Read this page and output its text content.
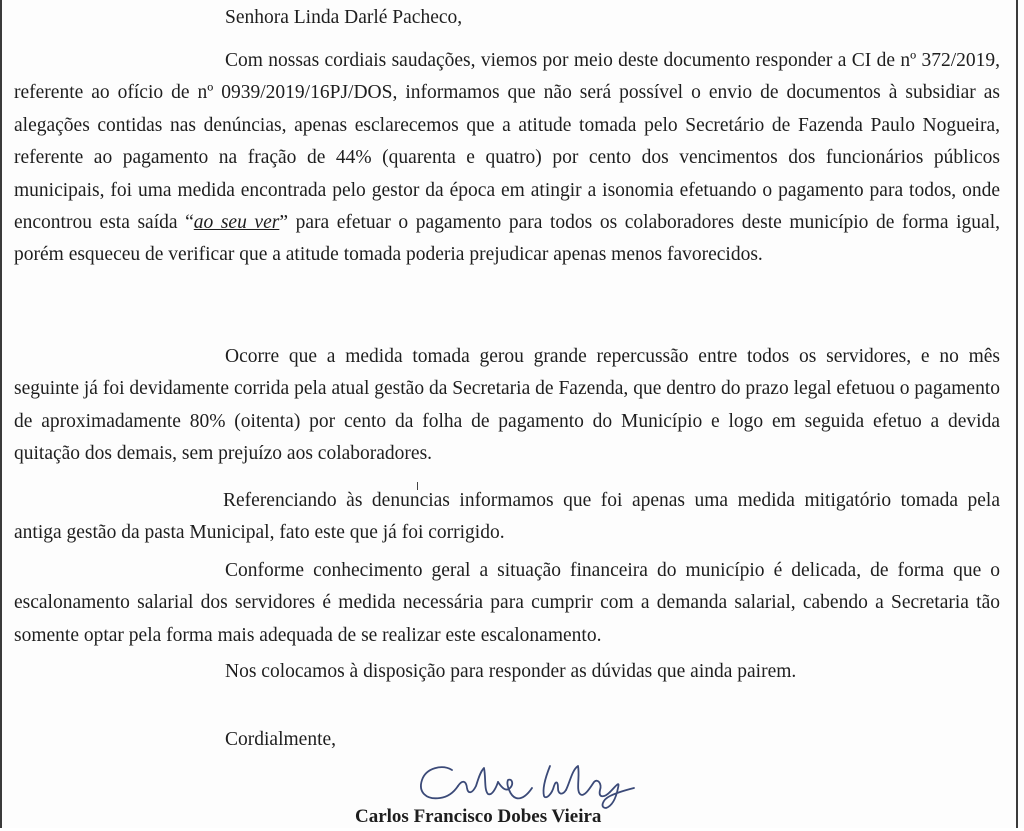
Senhora Linda Darlé Pacheco,

Com nossas cordiais saudações, viemos por meio deste documento responder a CI de nº 372/2019, referente ao ofício de nº 0939/2019/16PJ/DOS, informamos que não será possível o envio de documentos à subsidiar as alegações contidas nas denúncias, apenas esclarecemos que a atitude tomada pelo Secretário de Fazenda Paulo Nogueira, referente ao pagamento na fração de 44% (quarenta e quatro) por cento dos vencimentos dos funcionários públicos municipais, foi uma medida encontrada pelo gestor da época em atingir a isonomia efetuando o pagamento para todos, onde encontrou esta saída “ao seu ver” para efetuar o pagamento para todos os colaboradores deste município de forma igual, porém esqueceu de verificar que a atitude tomada poderia prejudicar apenas menos favorecidos.

Ocorre que a medida tomada gerou grande repercussão entre todos os servidores, e no mês seguinte já foi devidamente corrida pela atual gestão da Secretaria de Fazenda, que dentro do prazo legal efetuou o pagamento de aproximadamente 80% (oitenta) por cento da folha de pagamento do Município e logo em seguida efetuo a devida quitação dos demais, sem prejuízo aos colaboradores.

Referenciando às denuncias informamos que foi apenas uma medida mitigatório tomada pela antiga gestão da pasta Municipal, fato este que já foi corrigido.

Conforme conhecimento geral a situação financeira do município é delicada, de forma que o escalonamento salarial dos servidores é medida necessária para cumprir com a demanda salarial, cabendo a Secretaria tão somente optar pela forma mais adequada de se realizar este escalonamento.

Nos colocamos à disposição para responder as dúvidas que ainda pairem.

Cordialmente,
Carlos Francisco Dobes Vieira
